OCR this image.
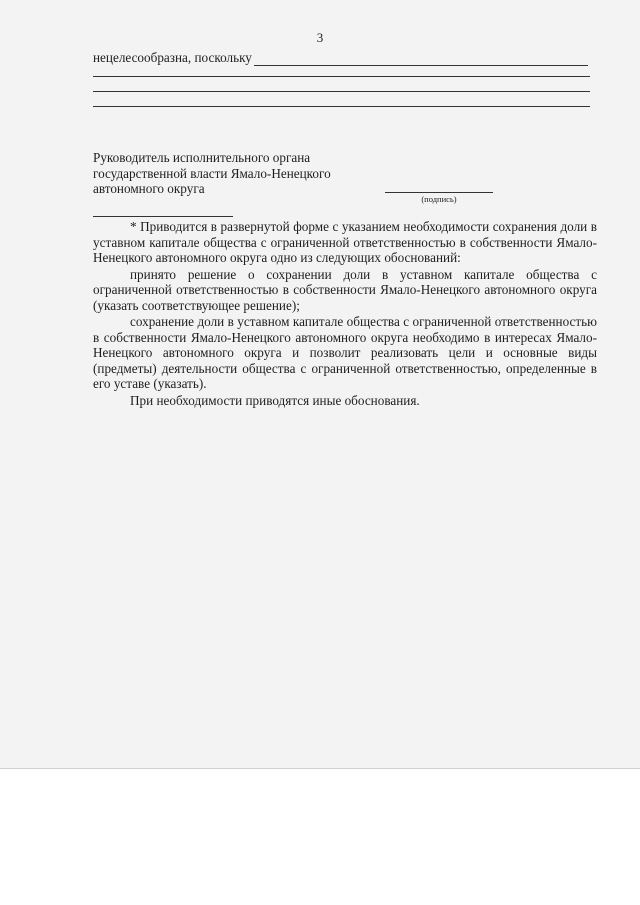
3
нецелесообразна, поскольку
Руководитель исполнительного органа
государственной власти Ямало-Ненецкого
автономного округа
(подпись)

* Приводится в развернутой форме с указанием необходимости сохранения доли в уставном капитале общества с ограниченной ответственностью в собственности Ямало-Ненецкого автономного округа одно из следующих обоснований:

принято решение о сохранении доли в уставном капитале общества с ограниченной ответственностью в собственности Ямало-Ненецкого автономного округа (указать соответствующее решение);

сохранение доли в уставном капитале общества с ограниченной ответственностью в собственности Ямало-Ненецкого автономного округа необходимо в интересах Ямало-Ненецкого автономного округа и позволит реализовать цели и основные виды (предметы) деятельности общества с ограниченной ответственностью, определенные в его уставе (указать).

При необходимости приводятся иные обоснования.
